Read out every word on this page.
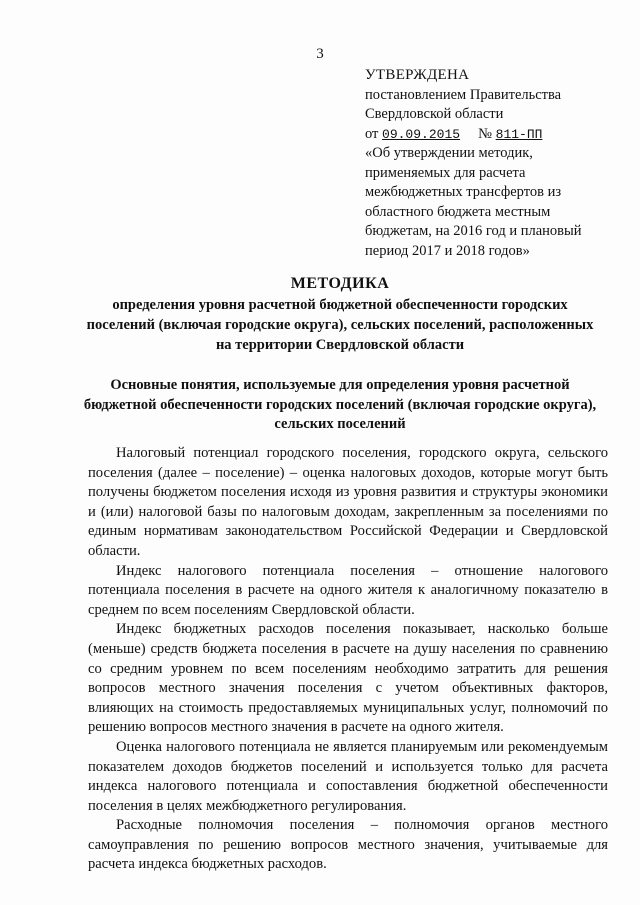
3
УТВЕРЖДЕНА
постановлением Правительства
Свердловской области
от 09.09.2015 № 811-ПП
«Об утверждении методик, применяемых для расчета межбюджетных трансфертов из областного бюджета местным бюджетам, на 2016 год и плановый период 2017 и 2018 годов»
МЕТОДИКА
определения уровня расчетной бюджетной обеспеченности городских поселений (включая городские округа), сельских поселений, расположенных на территории Свердловской области
Основные понятия, используемые для определения уровня расчетной бюджетной обеспеченности городских поселений (включая городские округа), сельских поселений

Налоговый потенциал городского поселения, городского округа, сельского поселения (далее – поселение) – оценка налоговых доходов, которые могут быть получены бюджетом поселения исходя из уровня развития и структуры экономики и (или) налоговой базы по налоговым доходам, закрепленным за поселениями по единым нормативам законодательством Российской Федерации и Свердловской области.

Индекс налогового потенциала поселения – отношение налогового потенциала поселения в расчете на одного жителя к аналогичному показателю в среднем по всем поселениям Свердловской области.

Индекс бюджетных расходов поселения показывает, насколько больше (меньше) средств бюджета поселения в расчете на душу населения по сравнению со средним уровнем по всем поселениям необходимо затратить для решения вопросов местного значения поселения с учетом объективных факторов, влияющих на стоимость предоставляемых муниципальных услуг, полномочий по решению вопросов местного значения в расчете на одного жителя.

Оценка налогового потенциала не является планируемым или рекомендуемым показателем доходов бюджетов поселений и используется только для расчета индекса налогового потенциала и сопоставления бюджетной обеспеченности поселения в целях межбюджетного регулирования.

Расходные полномочия поселения – полномочия органов местного самоуправления по решению вопросов местного значения, учитываемые для расчета индекса бюджетных расходов.
